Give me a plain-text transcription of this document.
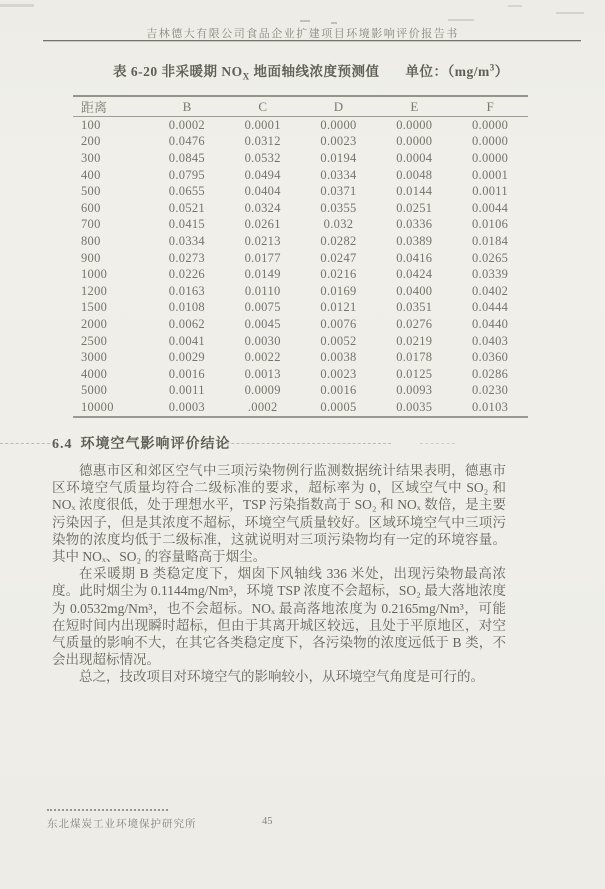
吉林德大有限公司食品企业扩建项目环境影响评价报告书
表 6-20 非采暖期 $NO_X$ 地面轴线浓度预测值 单位：$(mg/m^3)$
距离	B	C	D	E	F
100	0.0002	0.0001	0.0000	0.0000	0.0000
200	0.0476	0.0312	0.0023	0.0000	0.0000
300	0.0845	0.0532	0.0194	0.0004	0.0000
400	0.0795	0.0494	0.0334	0.0048	0.0001
500	0.0655	0.0404	0.0371	0.0144	0.0011
600	0.0521	0.0324	0.0355	0.0251	0.0044
700	0.0415	0.0261	0.032	0.0336	0.0106
800	0.0334	0.0213	0.0282	0.0389	0.0184
900	0.0273	0.0177	0.0247	0.0416	0.0265
1000	0.0226	0.0149	0.0216	0.0424	0.0339
1200	0.0163	0.0110	0.0169	0.0400	0.0402
1500	0.0108	0.0075	0.0121	0.0351	0.0444
2000	0.0062	0.0045	0.0076	0.0276	0.0440
2500	0.0041	0.0030	0.0052	0.0219	0.0403
3000	0.0029	0.0022	0.0038	0.0178	0.0360
4000	0.0016	0.0013	0.0023	0.0125	0.0286
5000	0.0011	0.0009	0.0016	0.0093	0.0230
10000	0.0003	.0002	0.0005	0.0035	0.0103
6.4 环境空气影响评价结论

德惠市区和郊区空气中三项污染物例行监测数据统计结果表明，德惠市区环境空气质量均符合二级标准的要求，超标率为 0，区域空气中 SO₂ 和 NOₓ 浓度很低，处于理想水平，TSP 污染指数高于 SO₂ 和 NOₓ 数倍，是主要污染因子，但是其浓度不超标，环境空气质量较好。区域环境空气中三项污染物的浓度均低于二级标准，这就说明对三项污染物均有一定的环境容量。其中 NOₓ、SO₂ 的容量略高于烟尘。

在采暖期 B 类稳定度下，烟囱下风轴线 336 米处，出现污染物最高浓度。此时烟尘为 0.1144mg/Nm³，环境 TSP 浓度不会超标，SO₂ 最大落地浓度为 0.0532mg/Nm³，也不会超标。NOₓ 最高落地浓度为 0.2165mg/Nm³，可能在短时间内出现瞬时超标，但由于其离开城区较远，且处于平原地区，对空气质量的影响不大，在其它各类稳定度下，各污染物的浓度远低于 B 类，不会出现超标情况。

总之，技改项目对环境空气的影响较小，从环境空气角度是可行的。

东北煤炭工业环境保护研究所	45
